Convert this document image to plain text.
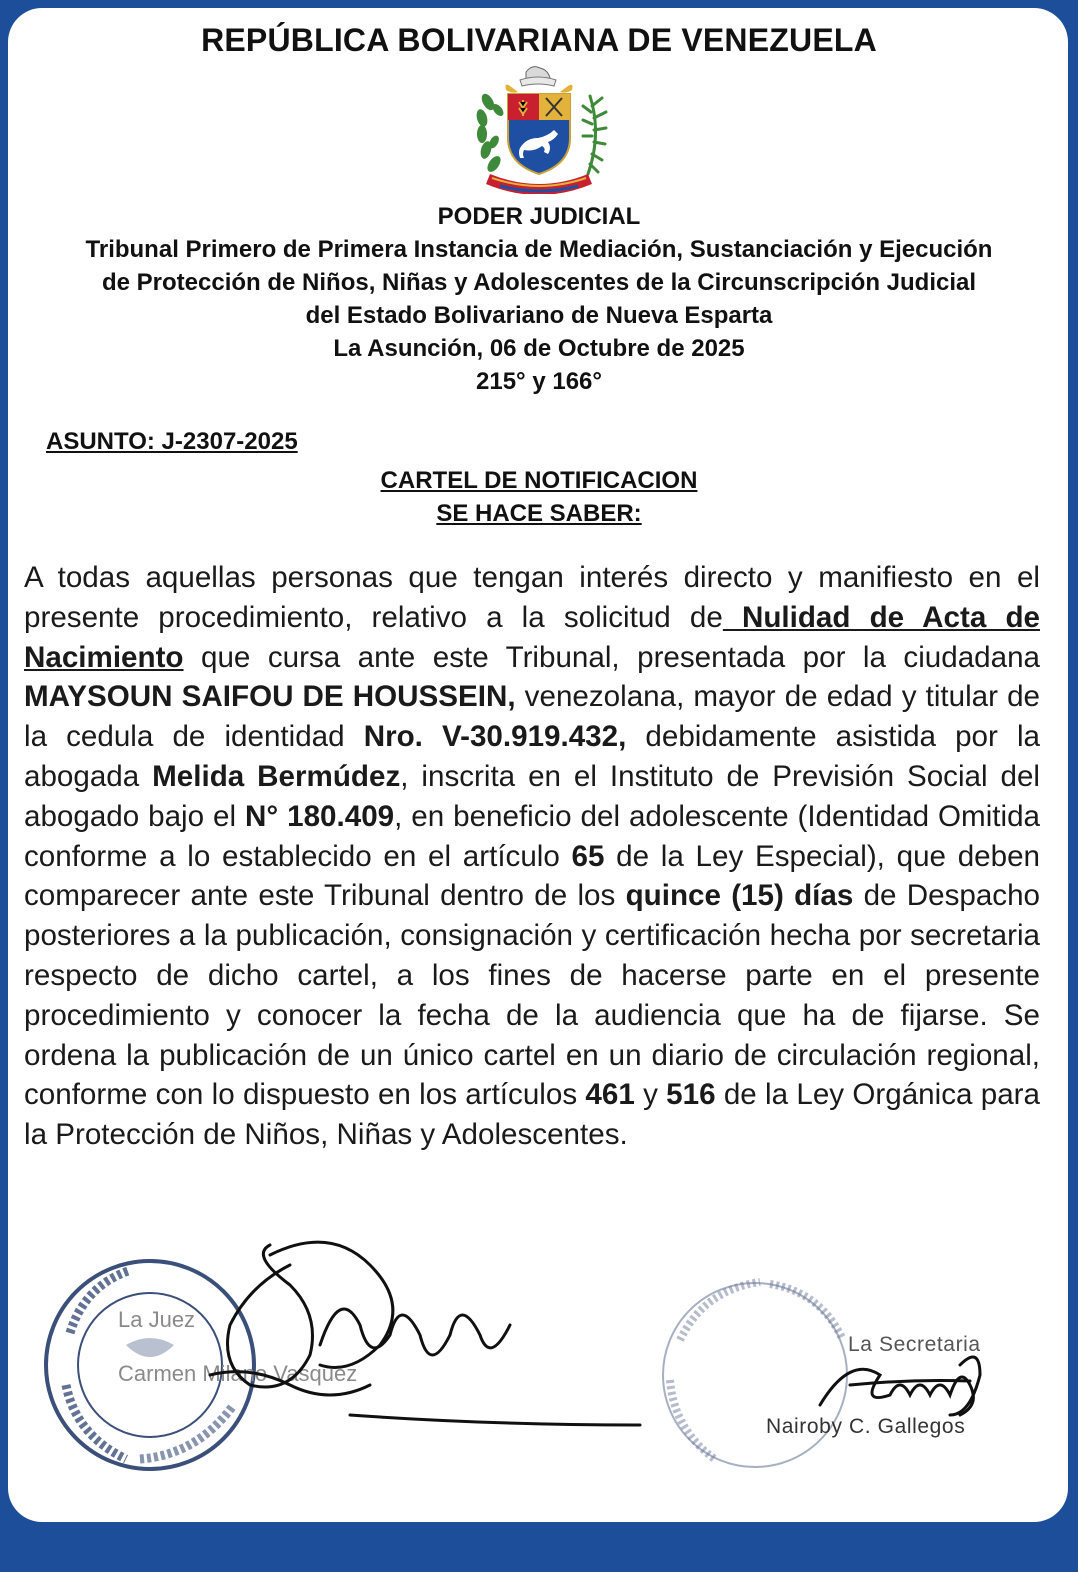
REPÚBLICA BOLIVARIANA DE VENEZUELA
PODER JUDICIAL
Tribunal Primero de Primera Instancia de Mediación, Sustanciación y Ejecución
de Protección de Niños, Niñas y Adolescentes de la Circunscripción Judicial
del Estado Bolivariano de Nueva Esparta
La Asunción, 06 de Octubre de 2025
215° y 166°
ASUNTO: J-2307-2025
CARTEL DE NOTIFICACION
SE HACE SABER:
A todas aquellas personas que tengan interés directo y manifiesto en el presente procedimiento, relativo a la solicitud de Nulidad de Acta de Nacimiento que cursa ante este Tribunal, presentada por la ciudadana MAYSOUN SAIFOU DE HOUSSEIN, venezolana, mayor de edad y titular de la cedula de identidad Nro. V-30.919.432, debidamente asistida por la abogada Melida Bermúdez, inscrita en el Instituto de Previsión Social del abogado bajo el N° 180.409, en beneficio del adolescente (Identidad Omitida conforme a lo establecido en el artículo 65 de la Ley Especial), que deben comparecer ante este Tribunal dentro de los quince (15) días de Despacho posteriores a la publicación, consignación y certificación hecha por secretaria respecto de dicho cartel, a los fines de hacerse parte en el presente procedimiento y conocer la fecha de la audiencia que ha de fijarse. Se ordena la publicación de un único cartel en un diario de circulación regional, conforme con lo dispuesto en los artículos 461 y 516 de la Ley Orgánica para la Protección de Niños, Niñas y Adolescentes.
La Juez
Carmen Milano Vasquez
La Secretaria
Nairoby C. Gallegos
